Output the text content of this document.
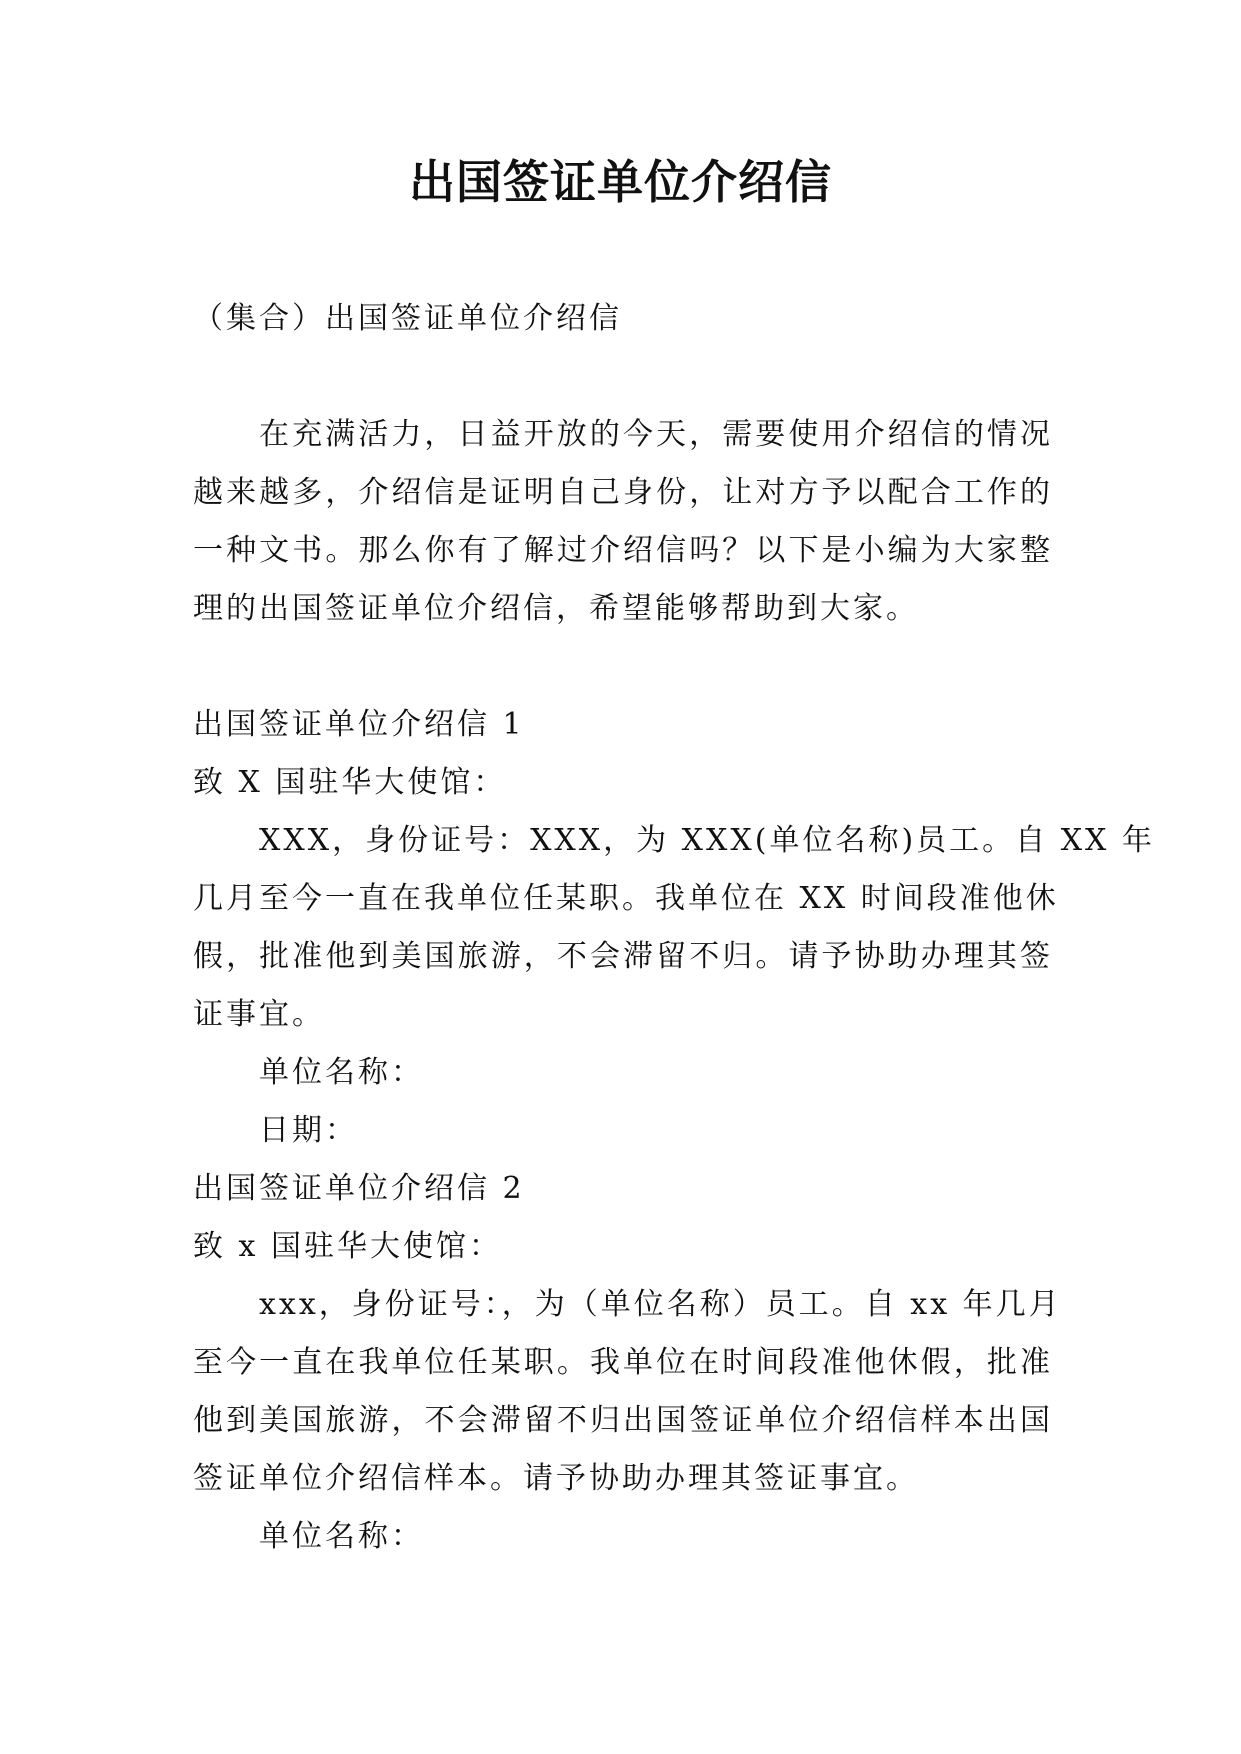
出国签证单位介绍信
（集合）出国签证单位介绍信
在充满活力，日益开放的今天，需要使用介绍信的情况
越来越多，介绍信是证明自己身份，让对方予以配合工作的
一种文书。那么你有了解过介绍信吗？以下是小编为大家整
理的出国签证单位介绍信，希望能够帮助到大家。
出国签证单位介绍信 1
致 X 国驻华大使馆：
XXX，身份证号：XXX，为 XXX(单位名称)员工。自 XX 年
几月至今一直在我单位任某职。我单位在 XX 时间段准他休
假，批准他到美国旅游，不会滞留不归。请予协助办理其签
证事宜。
单位名称：
日期：
出国签证单位介绍信 2
致 x 国驻华大使馆：
xxx，身份证号：，为（单位名称）员工。自 xx 年几月
至今一直在我单位任某职。我单位在时间段准他休假，批准
他到美国旅游，不会滞留不归出国签证单位介绍信样本出国
签证单位介绍信样本。请予协助办理其签证事宜。
单位名称：
